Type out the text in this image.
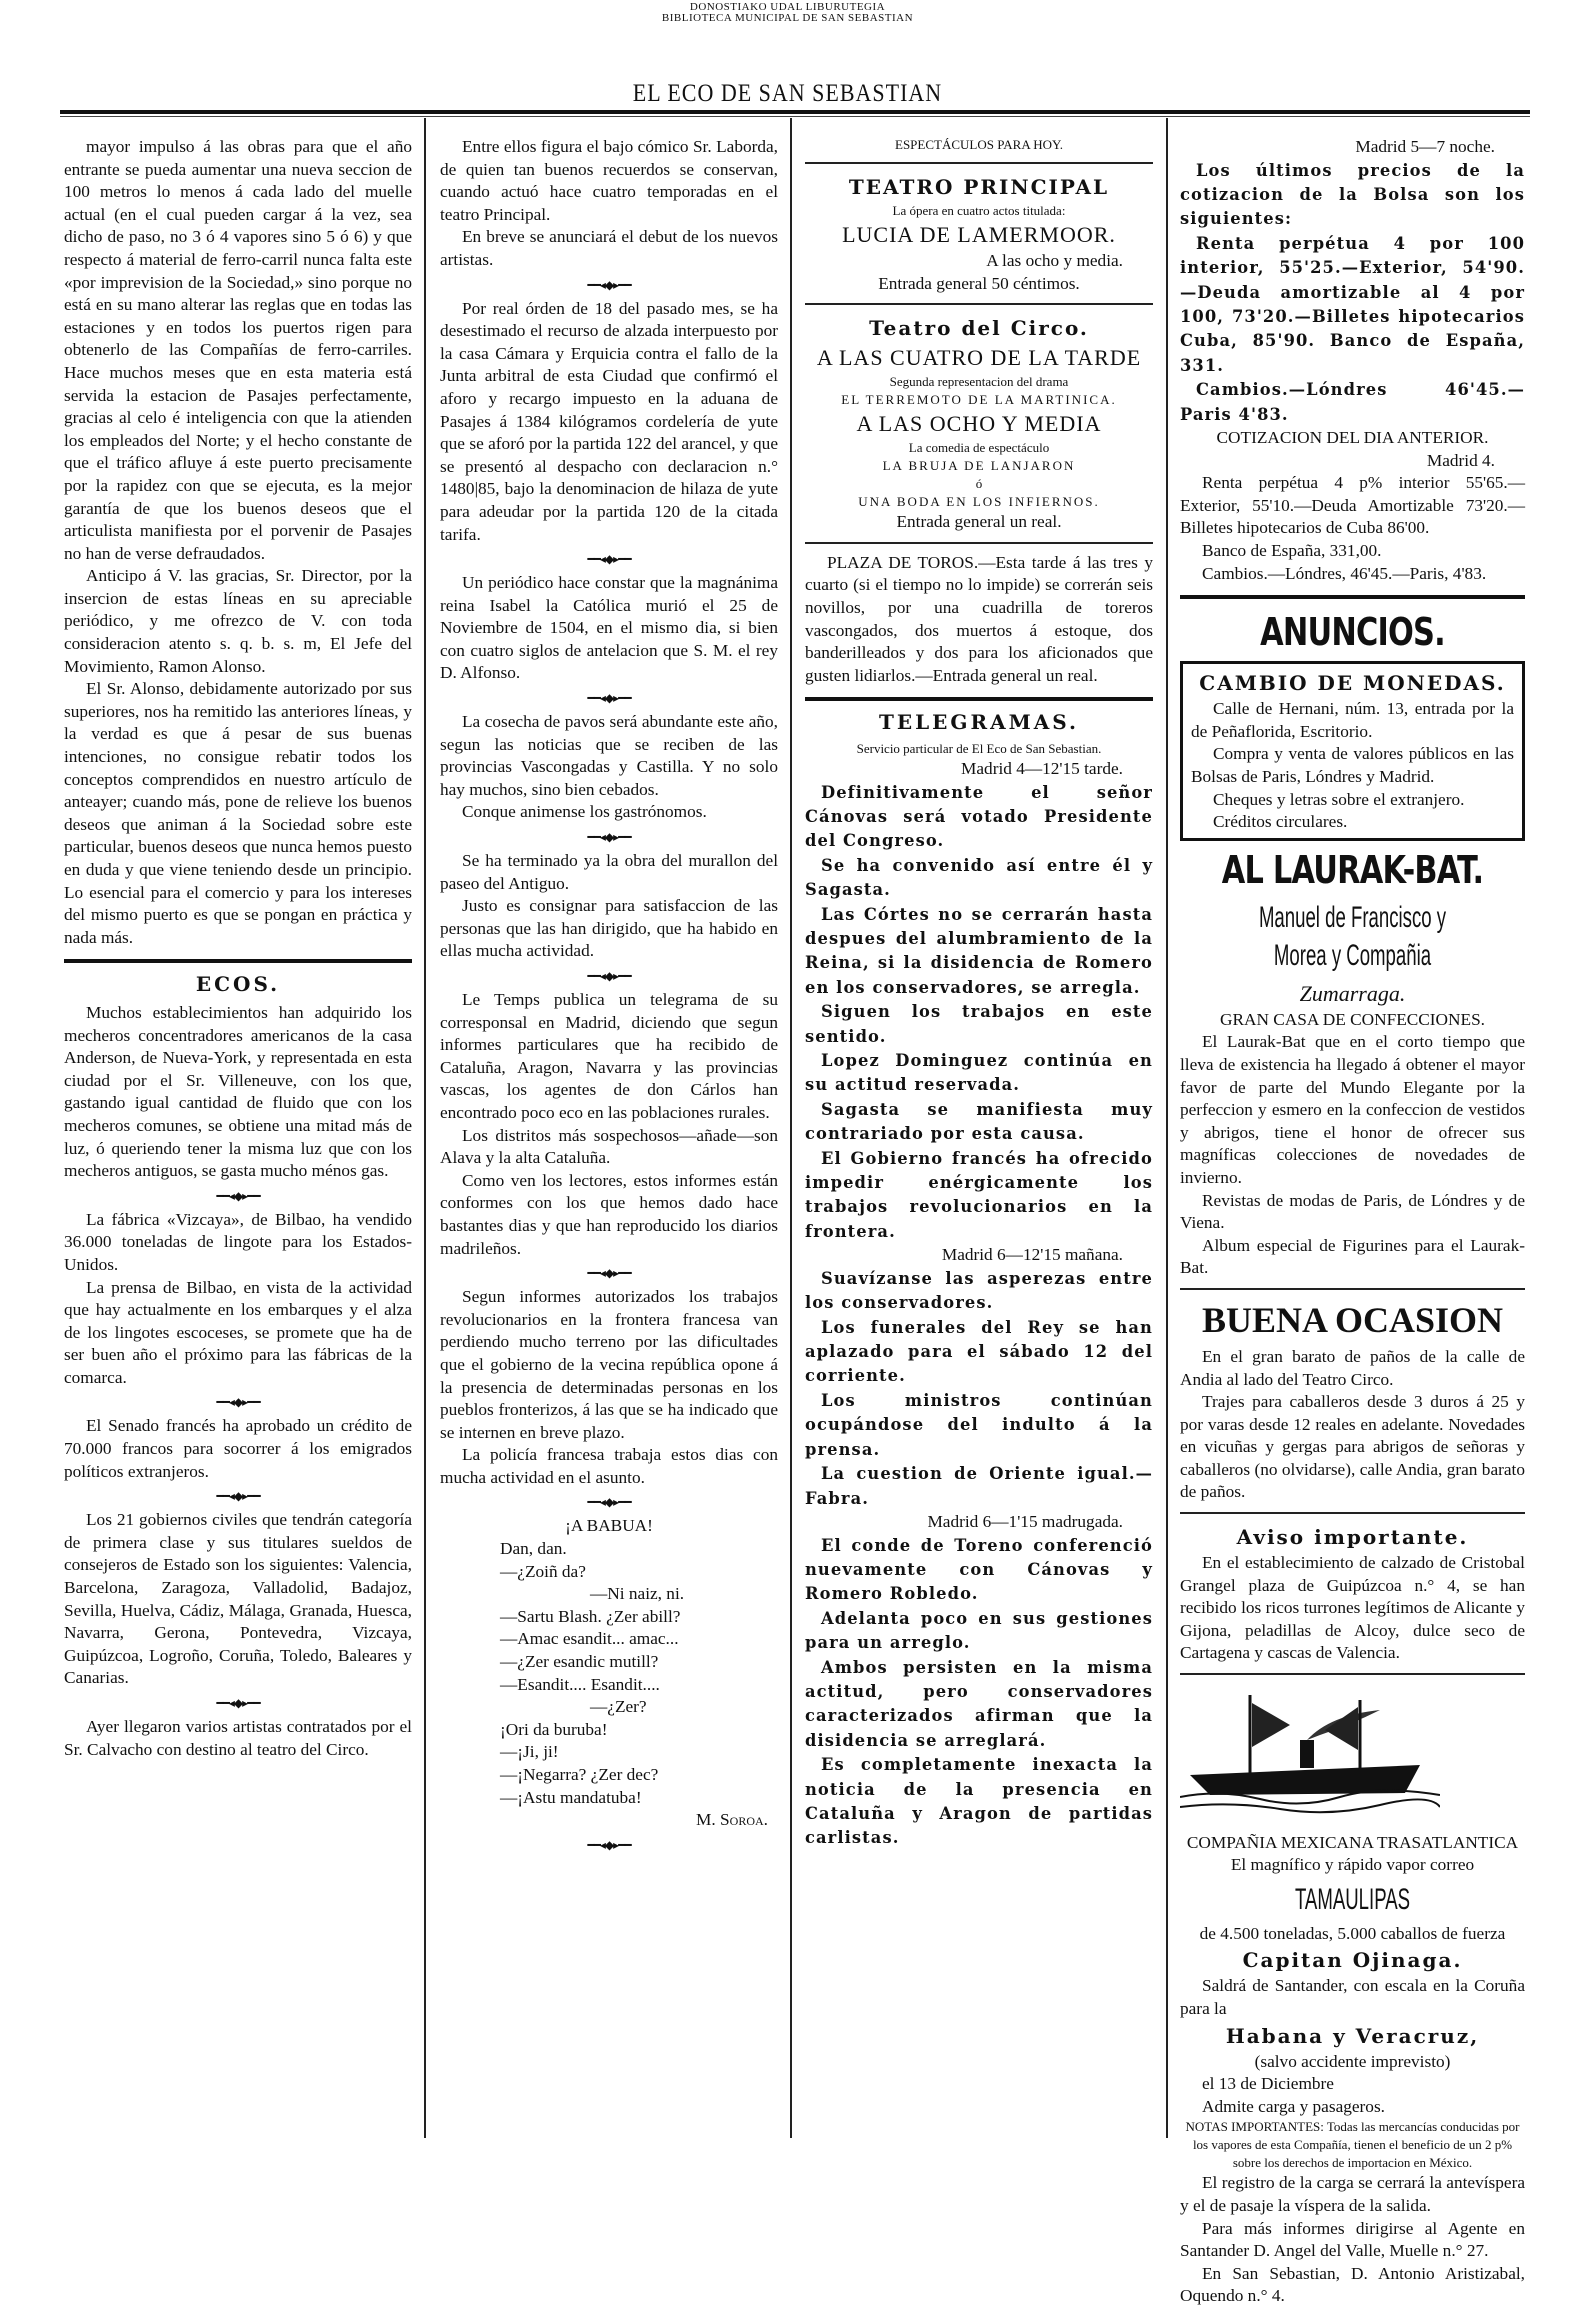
DONOSTIAKO UDAL LIBURUTEGIA
BIBLIOTECA MUNICIPAL DE SAN SEBASTIAN
EL ECO DE SAN SEBASTIAN
mayor impulso á las obras para que el año entrante se pueda aumentar una nueva seccion de 100 metros lo menos á cada lado del muelle actual (en el cual pueden cargar á la vez, sea dicho de paso, no 3 ó 4 vapores sino 5 ó 6) y que respecto á material de ferro-carril nunca falta este «por imprevision de la Sociedad,» sino porque no está en su mano alterar las reglas que en todas las estaciones y en todos los puertos rigen para obtenerlo de las Compañías de ferro-carriles. Hace muchos meses que en esta materia está servida la estacion de Pasajes perfectamente, gracias al celo é inteligencia con que la atienden los empleados del Norte; y el hecho constante de que el tráfico afluye á este puerto precisamente por la rapidez con que se ejecuta, es la mejor garantía de que los buenos deseos que el articulista manifiesta por el porvenir de Pasajes no han de verse defraudados.
Anticipo á V. las gracias, Sr. Director, por la insercion de estas líneas en su apreciable periódico, y me ofrezco de V. con toda consideracion atento s. q. b. s. m, El Jefe del Movimiento, Ramon Alonso.
El Sr. Alonso, debidamente autorizado por sus superiores, nos ha remitido las anteriores líneas, y la verdad es que á pesar de sus buenas intenciones, no consigue rebatir todos los conceptos comprendidos en nuestro artículo de anteayer; cuando más, pone de relieve los buenos deseos que animan á la Sociedad sobre este particular, buenos deseos que nunca hemos puesto en duda y que viene teniendo desde un principio. Lo esencial para el comercio y para los intereses del mismo puerto es que se pongan en práctica y nada más.
ECOS.
Muchos establecimientos han adquirido los mecheros concentradores americanos de la casa Anderson, de Nueva-York, y representada en esta ciudad por el Sr. Villeneuve, con los que, gastando igual cantidad de fluido que con los mecheros comunes, se obtiene una mitad más de luz, ó queriendo tener la misma luz que con los mecheros antiguos, se gasta mucho ménos gas.
━━◂◆▸━━
La fábrica «Vizcaya», de Bilbao, ha vendido 36.000 toneladas de lingote para los Estados-Unidos.
La prensa de Bilbao, en vista de la actividad que hay actualmente en los embarques y el alza de los lingotes escoceses, se promete que ha de ser buen año el próximo para las fábricas de la comarca.
━━◂◆▸━━
El Senado francés ha aprobado un crédito de 70.000 francos para socorrer á los emigrados políticos extranjeros.
━━◂◆▸━━
Los 21 gobiernos civiles que tendrán categoría de primera clase y sus titulares sueldos de consejeros de Estado son los siguientes: Valencia, Barcelona, Zaragoza, Valladolid, Badajoz, Sevilla, Huelva, Cádiz, Málaga, Granada, Huesca, Navarra, Gerona, Pontevedra, Vizcaya, Guipúzcoa, Logroño, Coruña, Toledo, Baleares y Canarias.
━━◂◆▸━━
Ayer llegaron varios artistas contratados por el Sr. Calvacho con destino al teatro del Circo.
Entre ellos figura el bajo cómico Sr. Laborda, de quien tan buenos recuerdos se conservan, cuando actuó hace cuatro temporadas en el teatro Principal.
En breve se anunciará el debut de los nuevos artistas.
━━◂◆▸━━
Por real órden de 18 del pasado mes, se ha desestimado el recurso de alzada interpuesto por la casa Cámara y Erquicia contra el fallo de la Junta arbitral de esta Ciudad que confirmó el aforo y recargo impuesto en la aduana de Pasajes á 1384 kilógramos cordelería de yute que se aforó por la partida 122 del arancel, y que se presentó al despacho con declaracion n.° 1480|85, bajo la denominacion de hilaza de yute para adeudar por la partida 120 de la citada tarifa.
━━◂◆▸━━
Un periódico hace constar que la magnánima reina Isabel la Católica murió el 25 de Noviembre de 1504, en el mismo dia, si bien con cuatro siglos de antelacion que S. M. el rey D. Alfonso.
━━◂◆▸━━
La cosecha de pavos será abundante este año, segun las noticias que se reciben de las provincias Vascongadas y Castilla. Y no solo hay muchos, sino bien cebados.
Conque animense los gastrónomos.
━━◂◆▸━━
Se ha terminado ya la obra del murallon del paseo del Antiguo.
Justo es consignar para satisfaccion de las personas que las han dirigido, que ha habido en ellas mucha actividad.
━━◂◆▸━━
Le Temps publica un telegrama de su corresponsal en Madrid, diciendo que segun informes particulares que ha recibido de Cataluña, Aragon, Navarra y las provincias vascas, los agentes de don Cárlos han encontrado poco eco en las poblaciones rurales.
Los distritos más sospechosos—añade—son Alava y la alta Cataluña.
Como ven los lectores, estos informes están conformes con los que hemos dado hace bastantes dias y que han reproducido los diarios madrileños.
━━◂◆▸━━
Segun informes autorizados los trabajos revolucionarios en la frontera francesa van perdiendo mucho terreno por las dificultades que el gobierno de la vecina república opone á la presencia de determinadas personas en los pueblos fronterizos, á las que se ha indicado que se internen en breve plazo.
La policía francesa trabaja estos dias con mucha actividad en el asunto.
━━◂◆▸━━
¡A BABUA!
Dan, dan.
—¿Zoiñ da?
—Ni naiz, ni.
—Sartu Blash. ¿Zer abill?
—Amac esandit... amac...
—¿Zer esandic mutill?
—Esandit.... Esandit....
—¿Zer?
¡Ori da buruba!
—¡Ji, ji!
—¡Negarra? ¿Zer dec?
—¡Astu mandatuba!
M. Soroa.
━━◂◆▸━━
ESPECTÁCULOS PARA HOY.
TEATRO PRINCIPAL
La ópera en cuatro actos titulada:
LUCIA DE LAMERMOOR.
A las ocho y media.
Entrada general 50 céntimos.
Teatro del Circo.
A LAS CUATRO DE LA TARDE
Segunda representacion del drama
EL TERREMOTO DE LA MARTINICA.
A LAS OCHO Y MEDIA
La comedia de espectáculo
LA BRUJA DE LANJARON
ó
UNA BODA EN LOS INFIERNOS.
Entrada general un real.
PLAZA DE TOROS.—Esta tarde á las tres y cuarto (si el tiempo no lo impide) se correrán seis novillos, por una cuadrilla de toreros vascongados, dos muertos á estoque, dos banderilleados y dos para los aficionados que gusten lidiarlos.—Entrada general un real.
TELEGRAMAS.
Servicio particular de El Eco de San Sebastian.
Madrid 4—12'15 tarde.
Definitivamente el señor Cánovas será votado Presidente del Congreso.
Se ha convenido así entre él y Sagasta.
Las Córtes no se cerrarán hasta despues del alumbramiento de la Reina, si la disidencia de Romero en los conservadores, se arregla.
Siguen los trabajos en este sentido.
Lopez Dominguez continúa en su actitud reservada.
Sagasta se manifiesta muy contrariado por esta causa.
El Gobierno francés ha ofrecido impedir enérgicamente los trabajos revolucionarios en la frontera.
Madrid 6—12'15 mañana.
Suavízanse las asperezas entre los conservadores.
Los funerales del Rey se han aplazado para el sábado 12 del corriente.
Los ministros continúan ocupándose del indulto á la prensa.
La cuestion de Oriente igual.—Fabra.
Madrid 6—1'15 madrugada.
El conde de Toreno conferenció nuevamente con Cánovas y Romero Robledo.
Adelanta poco en sus gestiones para un arreglo.
Ambos persisten en la misma actitud, pero conservadores caracterizados afirman que la disidencia se arreglará.
Es completamente inexacta la noticia de la presencia en Cataluña y Aragon de partidas carlistas.
Madrid 5—7 noche.
Los últimos precios de la cotizacion de la Bolsa son los siguientes:
Renta perpétua 4 por 100 interior, 55'25.—Exterior, 54'90.—Deuda amortizable al 4 por 100, 73'20.—Billetes hipotecarios Cuba, 85'90. Banco de España, 331.
Cambios.—Lóndres 46'45.—Paris 4'83.
COTIZACION DEL DIA ANTERIOR.
Madrid 4.
Renta perpétua 4 p% interior 55'65.—Exterior, 55'10.—Deuda Amortizable 73'20.—Billetes hipotecarios de Cuba 86'00.
Banco de España, 331,00.
Cambios.—Lóndres, 46'45.—Paris, 4'83.
ANUNCIOS.
CAMBIO DE MONEDAS.
Calle de Hernani, núm. 13, entrada por la de Peñaflorida, Escritorio.
Compra y venta de valores públicos en las Bolsas de Paris, Lóndres y Madrid.
Cheques y letras sobre el extranjero.
Créditos circulares.
AL LAURAK-BAT.
Manuel de Francisco y Morea y Compañia
Zumarraga.
GRAN CASA DE CONFECCIONES.
El Laurak-Bat que en el corto tiempo que lleva de existencia ha llegado á obtener el mayor favor de parte del Mundo Elegante por la perfeccion y esmero en la confeccion de vestidos y abrigos, tiene el honor de ofrecer sus magníficas colecciones de novedades de invierno.
Revistas de modas de Paris, de Lóndres y de Viena.
Album especial de Figurines para el Laurak-Bat.
BUENA OCASION
En el gran barato de paños de la calle de Andia al lado del Teatro Circo.
Trajes para caballeros desde 3 duros á 25 y por varas desde 12 reales en adelante. Novedades en vicuñas y gergas para abrigos de señoras y caballeros (no olvidarse), calle Andia, gran barato de paños.
Aviso importante.
En el establecimiento de calzado de Cristobal Grangel plaza de Guipúzcoa n.° 4, se han recibido los ricos turrones legítimos de Alicante y Gijona, peladillas de Alcoy, dulce seco de Cartagena y cascas de Valencia.
COMPAÑIA MEXICANA TRASATLANTICA
El magnífico y rápido vapor correo
TAMAULIPAS
de 4.500 toneladas, 5.000 caballos de fuerza
Capitan Ojinaga.
Saldrá de Santander, con escala en la Coruña para la
Habana y Veracruz,
(salvo accidente imprevisto)
el 13 de Diciembre
Admite carga y pasageros.
NOTAS IMPORTANTES: Todas las mercancías conducidas por los vapores de esta Compañía, tienen el beneficio de un 2 p% sobre los derechos de importacion en México.
El registro de la carga se cerrará la antevíspera y el de pasaje la víspera de la salida.
Para más informes dirigirse al Agente en Santander D. Angel del Valle, Muelle n.° 27.
En San Sebastian, D. Antonio Aristizabal, Oquendo n.° 4.
